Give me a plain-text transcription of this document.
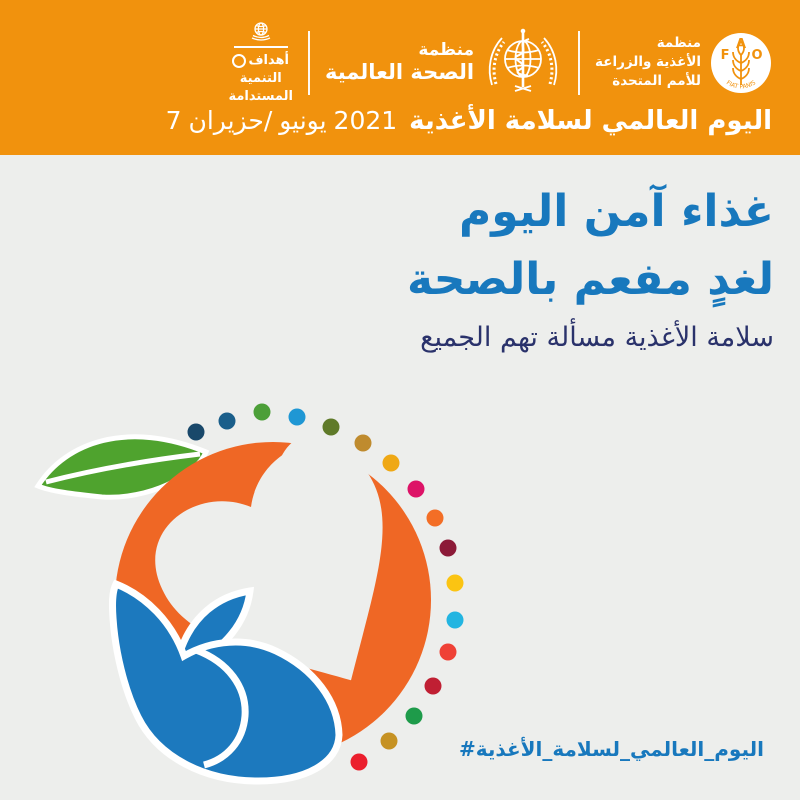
أهداف
التنمية
المستدامة
منظمة
الصحة العالمية
منظمة
الأغذية والزراعة
للأمم المتحدة
F
A
O
FIAT PANIS
7 حزيران/ يونيو 2021 اليوم العالمي لسلامة الأغذية
غذاء آمن اليوم
لغدٍ مفعم بالصحة
سلامة الأغذية مسألة تهم الجميع
#اليوم_العالمي_لسلامة_الأغذية
